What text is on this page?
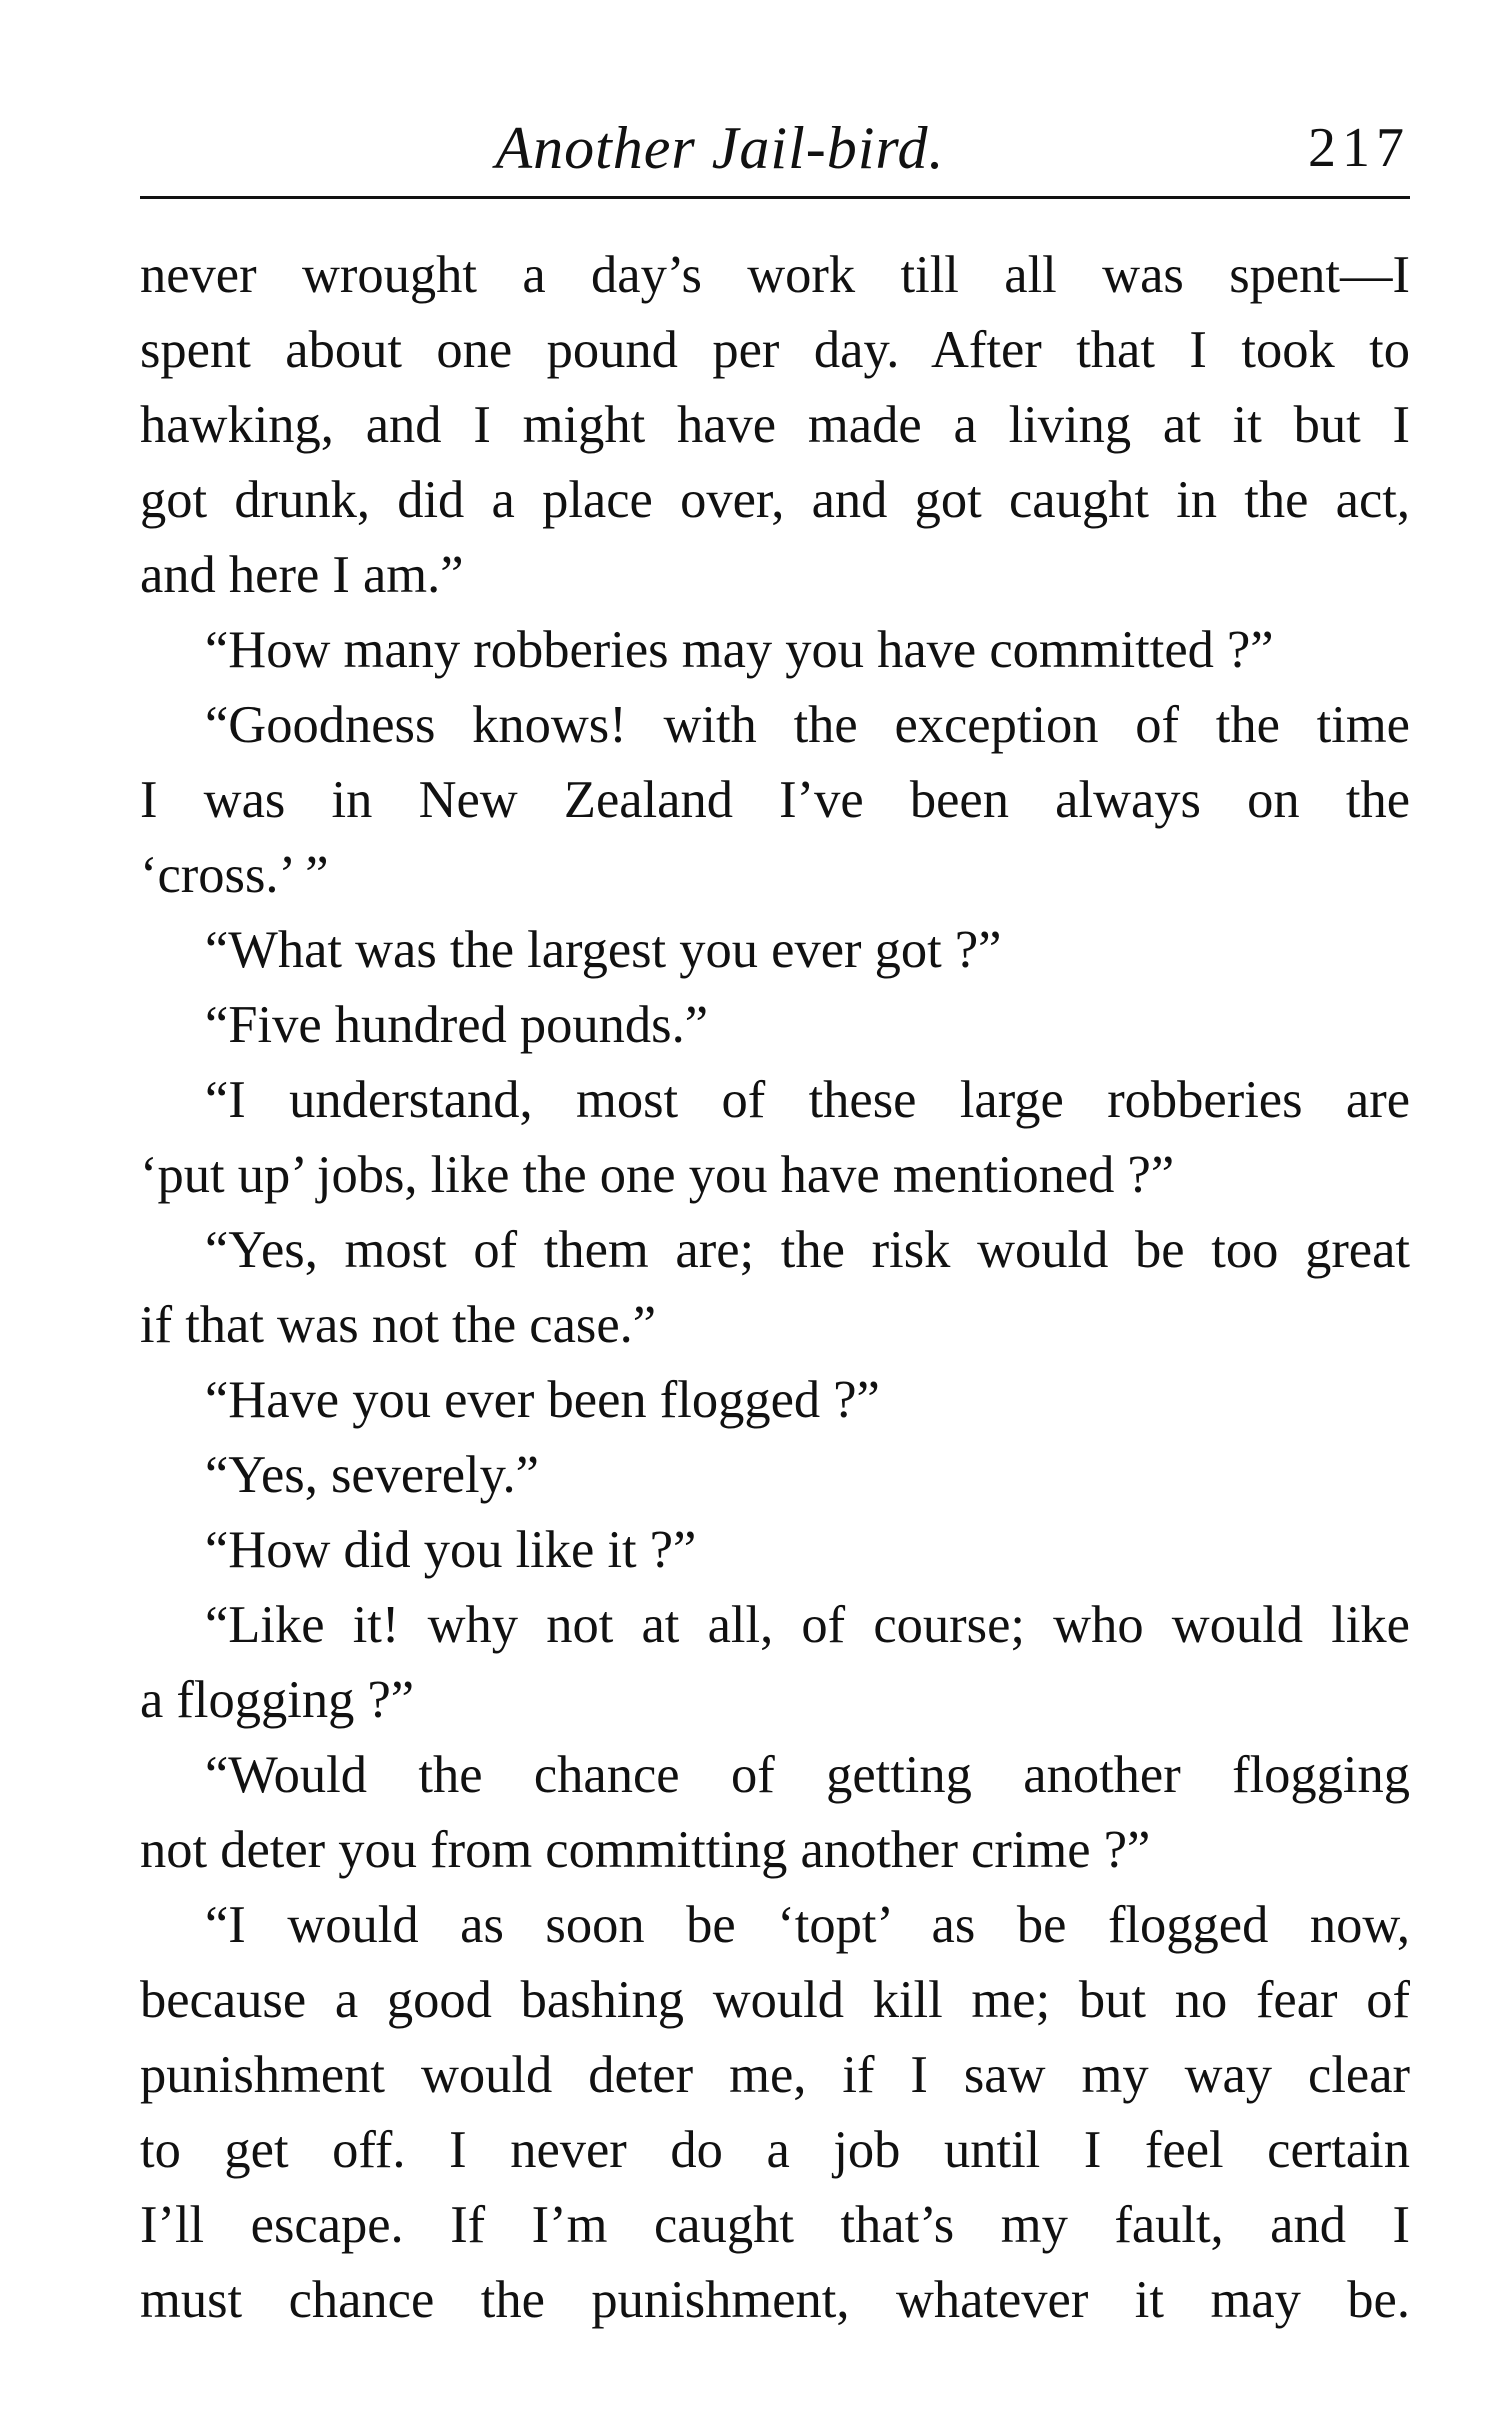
Another Jail-bird.	217
never wrought a day’s work till all was spent—I
spent about one pound per day. After that I took to
hawking, and I might have made a living at it but I
got drunk, did a place over, and got caught in the act,
and here I am.”
“How many robberies may you have committed ?”
“Goodness knows! with the exception of the time
I was in New Zealand I’ve been always on the
‘cross.’ ”
“What was the largest you ever got ?”
“Five hundred pounds.”
“I understand, most of these large robberies are
‘put up’ jobs, like the one you have mentioned ?”
“Yes, most of them are; the risk would be too great
if that was not the case.”
“Have you ever been flogged ?”
“Yes, severely.”
“How did you like it ?”
“Like it! why not at all, of course; who would like
a flogging ?”
“Would the chance of getting another flogging
not deter you from committing another crime ?”
“I would as soon be ‘topt’ as be flogged now,
because a good bashing would kill me; but no fear of
punishment would deter me, if I saw my way clear
to get off. I never do a job until I feel certain
I’ll escape. If I’m caught that’s my fault, and I
must chance the punishment, whatever it may be.
